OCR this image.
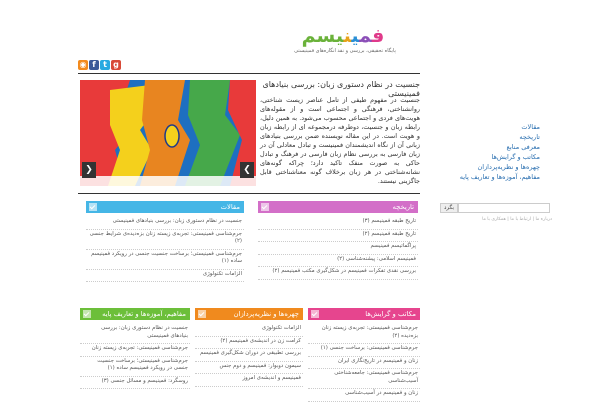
فمینیسم
پایگاه تحقیقی، بررسی و نقد انگاره‌های فمینیستی
◉ f t g
❮	❯
جنسیت در نظام دستوری زبان: بررسی بنیادهای فمینیستی
جنسیت در مفهوم طیفی از تامل عناصر زیست شناختی، روانشناختی، فرهنگی و اجتماعی است و از مقوله‌های هویت‌های فردی و اجتماعی محسوب می‌شود. به همین دلیل، رابطه زبان و جنسیت، دوطرفه درمجموعه ای از رابطه زبان و هویت است. در این مقاله نویسنده ضمن بررسی بنیادهای زبانی آن از نگاه اندیشمندان فمینیست و تبادل معادلی آن در زبان فارسی به بررسی نظام زبان فارسی در فرهنگ و تبادل حاکی به صورت منفک تاکید دارد؛ چراکه گونه‌های نشانه‌شناختی در هر زبان برخلاف گونه معناشناختی قابل جاگزینی نیستند.
مقالات
تاریخچه
معرفی منابع
مکاتب و گرایش‌ها
چهره‌ها و نظریه‌پردازان
مفاهیم، آموزه‌ها و تعاریف پایه
بگرد
درباره ما | ارتباط با ما | همکاری با ما
مقالات
جنسیت در نظام دستوری زبان: بررسی بنیادهای فمینیستی
جرم‌شناسی فمینیستی: تجربه‌ی زیسته زنان بزه‌دیده‌ی شرایط جنسی (۲)
جرم‌شناسی فمینیستی؛ برساخت جنسیت جنسی در رویکرد فمینیسم ساده (۱)
الزامات تکنولوژی
تاریخچه
تاریخ طبقه فمینیسم (۳)
تاریخ طبقه فمینیسم (۲)
پراگماتیسم فمینیسم
فمینیسم اسلامی: پیشنه‌شناسی (۲)
بررسی نقدی تفکرات فمینیسم در شکل‌گیری مکتب فمینیسم (۲)
مکاتب و گرایش‌ها
جرم‌شناسی فمینیستی: تجربه‌ی زیسته زنان بزه‌دیده (۲)
جرم‌شناسی فمینیستی: برساخت جنسی (۱)
زنان و فمینیسم در تاریخ‌نگاری ایران
جرم‌شناسی فمینیستی: جامعه‌شناختی آسیب‌شناسی
زنان و فمینیسم در آسیب‌شناسی
چهره‌ها و نظریه‌پردازان
الزامات تکنولوژی
کرامت زن در اندیشه‌ی فمینیسم (۲)
بررسی تطبیقی در دوران شکل‌گیری فمینیسم
سیمون دوبوار: فمینیسم و دوم جنس
فمینیسم و اندیشه‌ی امروز
مفاهیم، آموزه‌ها و تعاریف پایه
جنسیت در نظام دستوری زبان: بررسی بنیادهای فمینیستی
جرم‌شناسی فمینیستی: تجربه‌ی زیسته زنان
جرم‌شناسی فمینیستی؛ برساخت جنسیت جنسی در رویکرد فمینیسم ساده (۱)
روسگرد: فمینیسم و مسائل جنسی (۳)
